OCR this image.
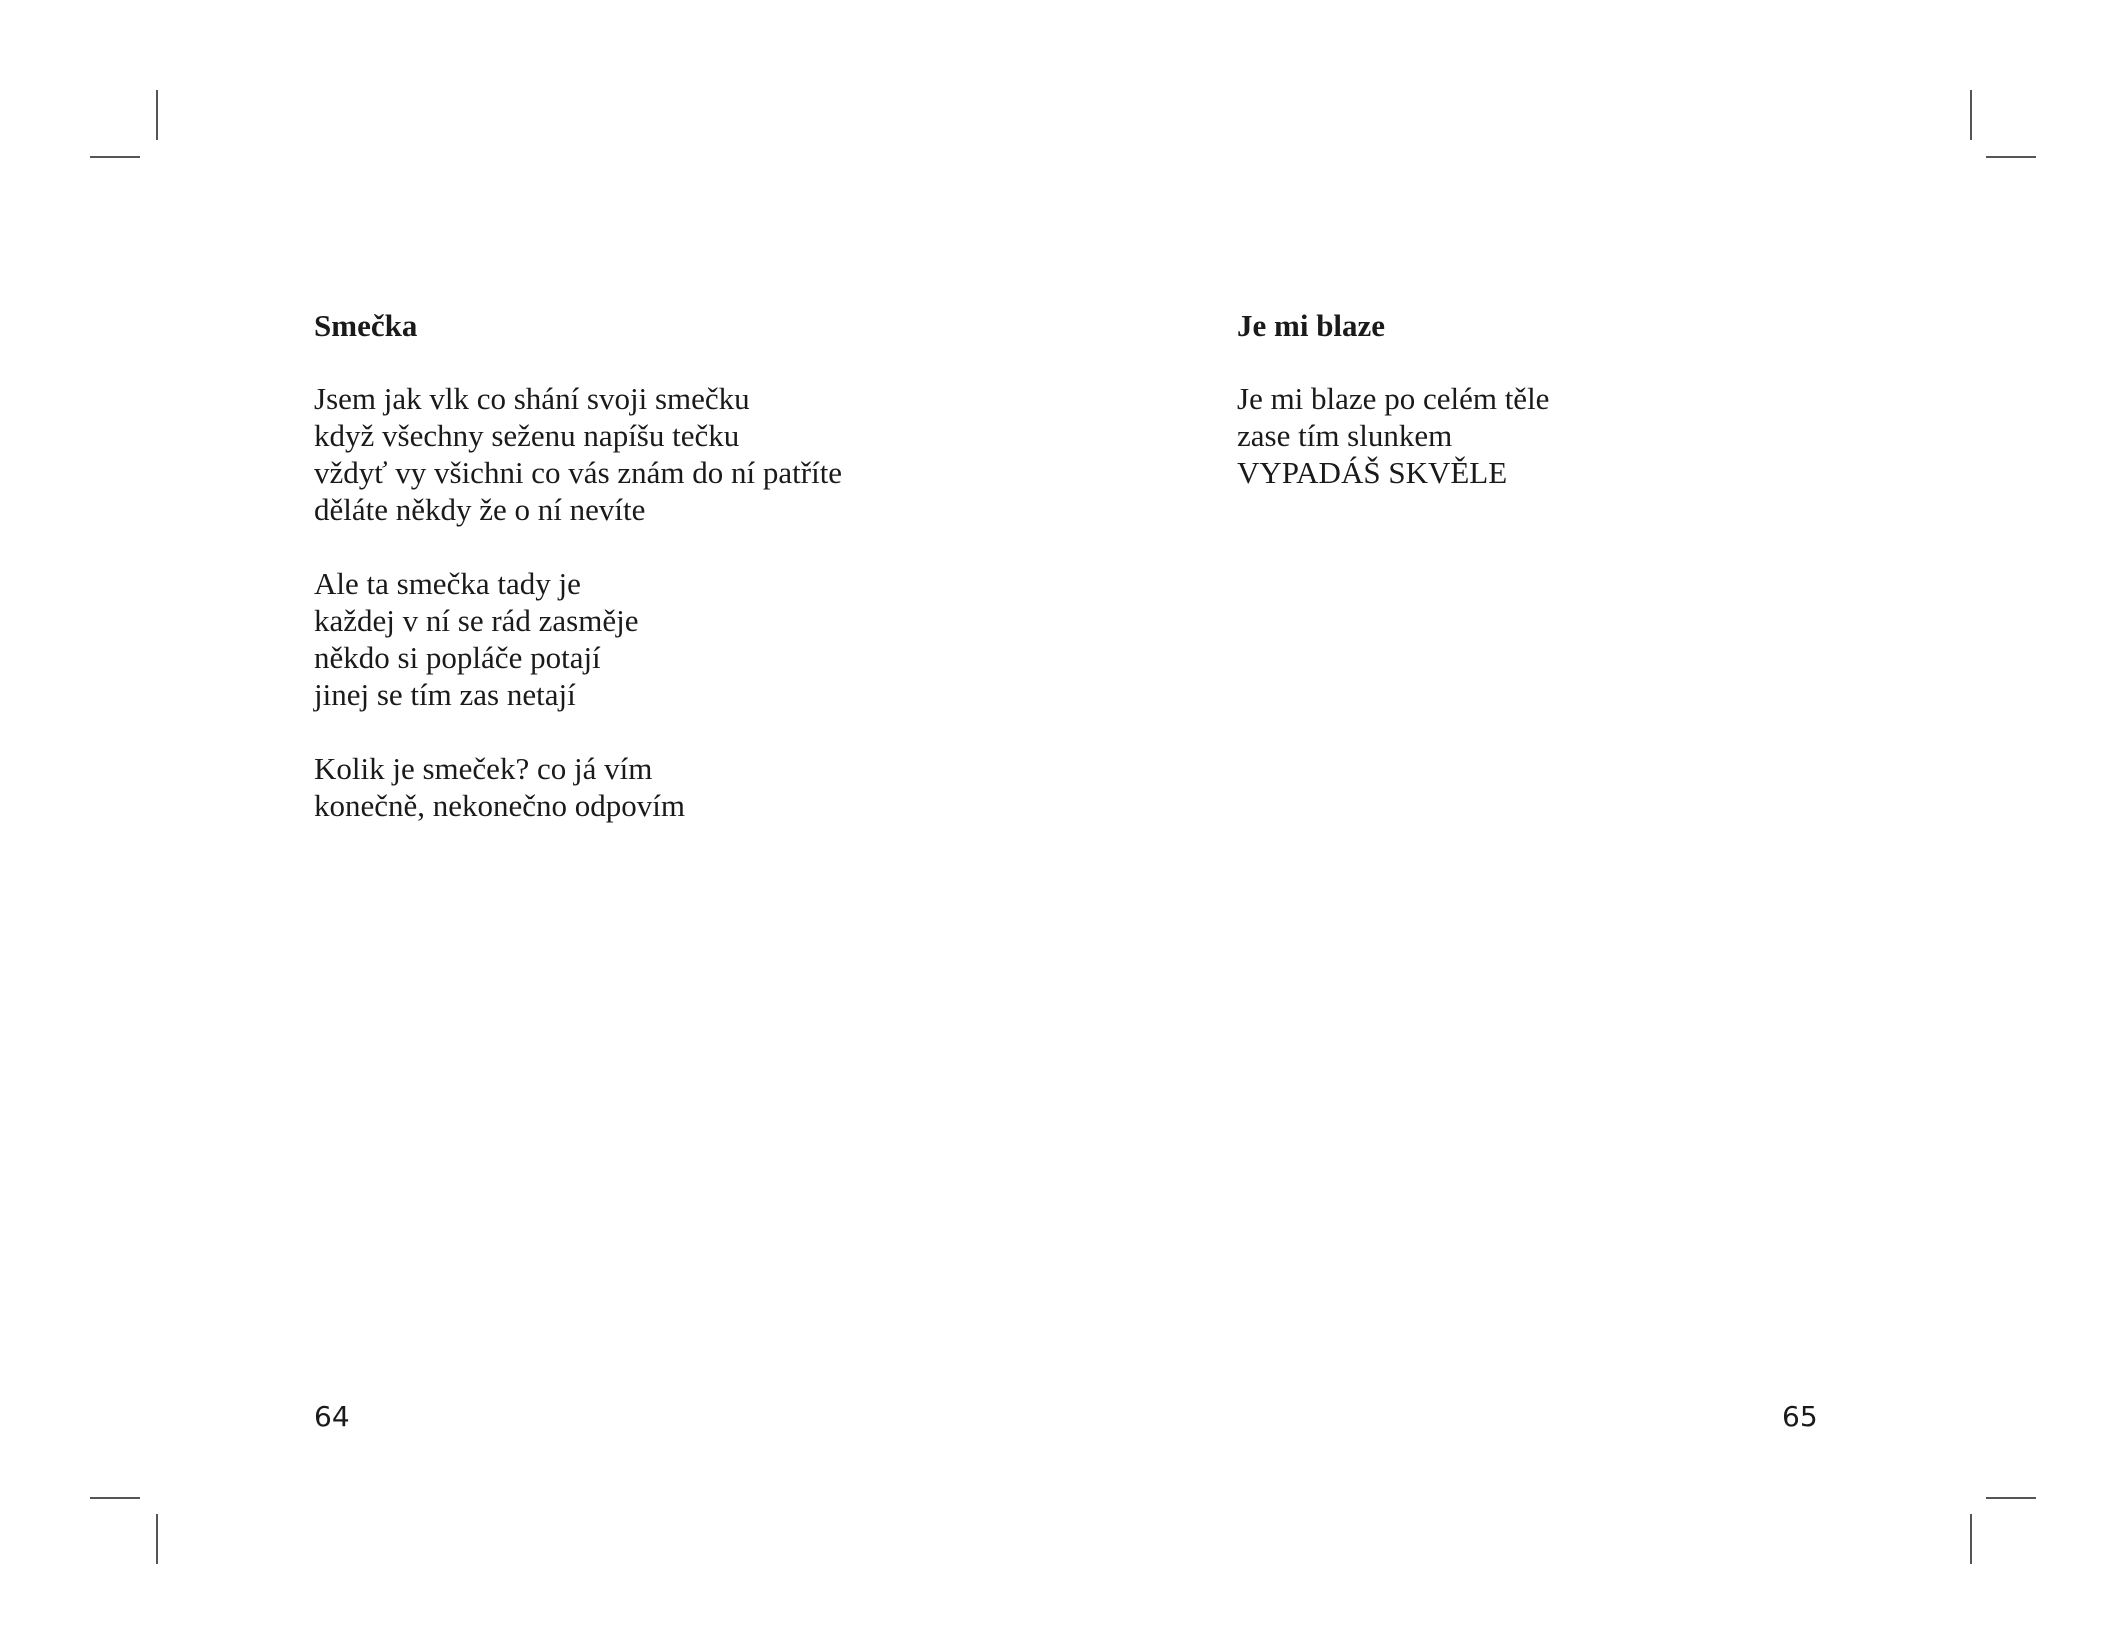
Smečka
Jsem jak vlk co shání svoji smečku
když všechny seženu napíšu tečku
vždyť vy všichni co vás znám do ní patříte
děláte někdy že o ní nevíte
Ale ta smečka tady je
každej v ní se rád zasměje
někdo si popláče potají
jinej se tím zas netají
Kolik je smeček? co já vím
konečně, nekonečno odpovím
Je mi blaze
Je mi blaze po celém těle
zase tím slunkem
VYPADÁŠ SKVĚLE
64	65
